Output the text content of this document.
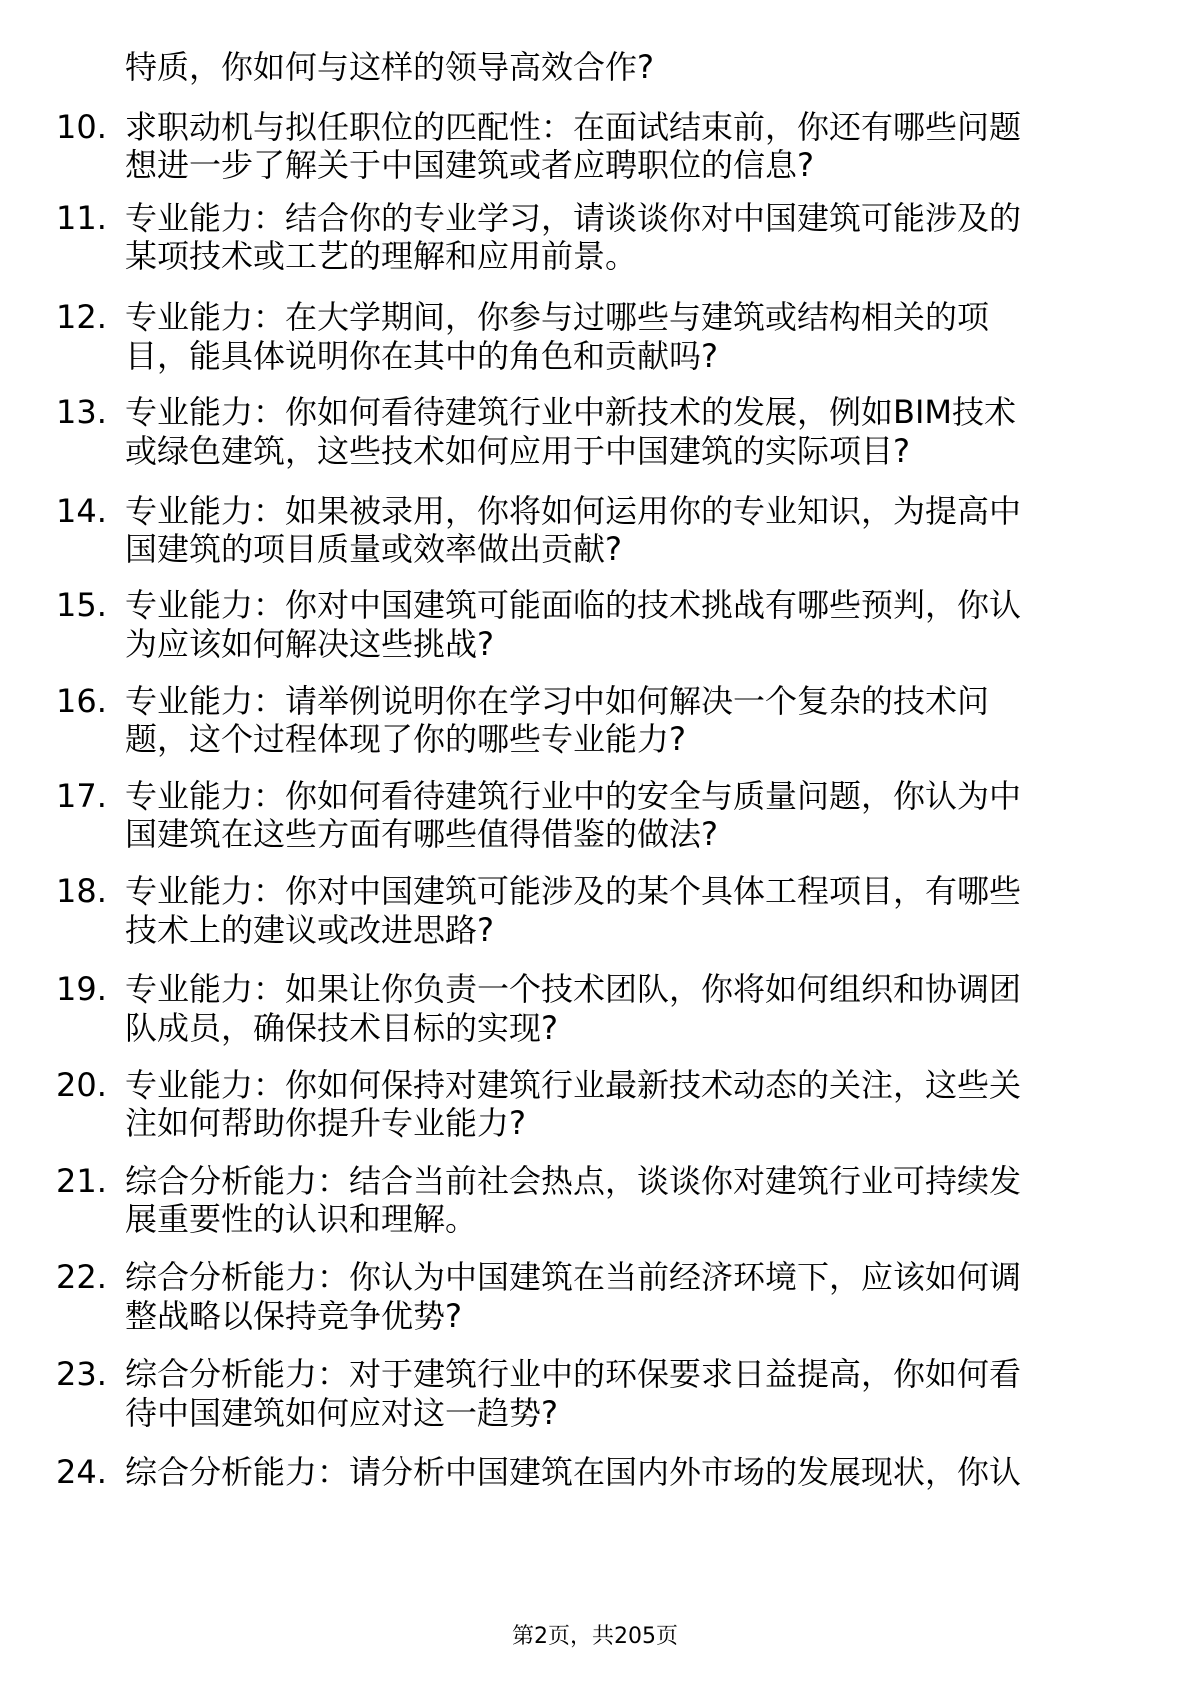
特质，你如何与这样的领导高效合作?
10. 求职动机与拟任职位的匹配性：在面试结束前，你还有哪些问题
想进一步了解关于中国建筑或者应聘职位的信息?
11. 专业能力：结合你的专业学习，请谈谈你对中国建筑可能涉及的
某项技术或工艺的理解和应用前景。
12. 专业能力：在大学期间，你参与过哪些与建筑或结构相关的项
目，能具体说明你在其中的角色和贡献吗?
13. 专业能力：你如何看待建筑行业中新技术的发展，例如BIM技术
或绿色建筑，这些技术如何应用于中国建筑的实际项目?
14. 专业能力：如果被录用，你将如何运用你的专业知识，为提高中
国建筑的项目质量或效率做出贡献?
15. 专业能力：你对中国建筑可能面临的技术挑战有哪些预判，你认
为应该如何解决这些挑战?
16. 专业能力：请举例说明你在学习中如何解决一个复杂的技术问
题，这个过程体现了你的哪些专业能力?
17. 专业能力：你如何看待建筑行业中的安全与质量问题，你认为中
国建筑在这些方面有哪些值得借鉴的做法?
18. 专业能力：你对中国建筑可能涉及的某个具体工程项目，有哪些
技术上的建议或改进思路?
19. 专业能力：如果让你负责一个技术团队，你将如何组织和协调团
队成员，确保技术目标的实现?
20. 专业能力：你如何保持对建筑行业最新技术动态的关注，这些关
注如何帮助你提升专业能力?
21. 综合分析能力：结合当前社会热点，谈谈你对建筑行业可持续发
展重要性的认识和理解。
22. 综合分析能力：你认为中国建筑在当前经济环境下，应该如何调
整战略以保持竞争优势?
23. 综合分析能力：对于建筑行业中的环保要求日益提高，你如何看
待中国建筑如何应对这一趋势?
24. 综合分析能力：请分析中国建筑在国内外市场的发展现状，你认
第2页，共205页
